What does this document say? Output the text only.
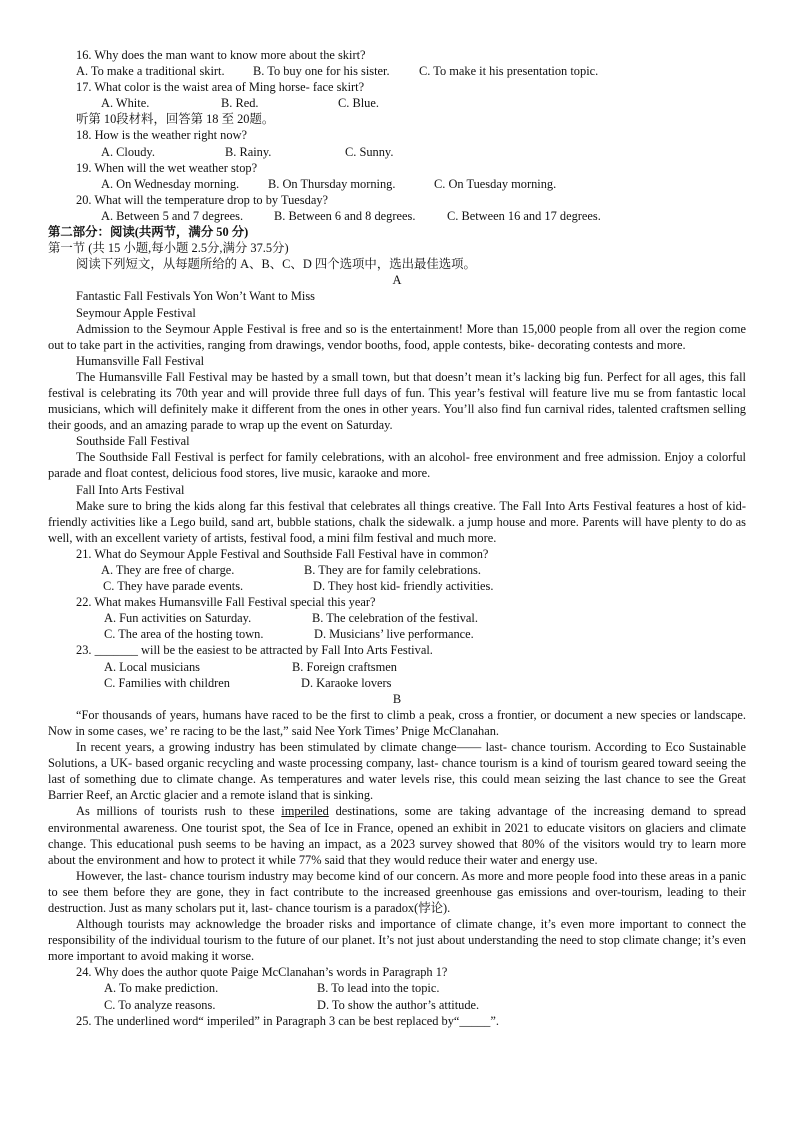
16. Why does the man want to know more about the skirt?
A. To make a traditional skirt.	B. To buy one for his sister.	C. To make it his presentation topic.
17. What color is the waist area of Ming horse- face skirt?
A. White.	B. Red.	C. Blue.
听第 10段材料，回答第 18 至 20题。
18. How is the weather right now?
A. Cloudy.	B. Rainy.	C. Sunny.
19. When will the wet weather stop?
A. On Wednesday morning.	B. On Thursday morning.	C. On Tuesday morning.
20. What will the temperature drop to by Tuesday?
A. Between 5 and 7 degrees.	B. Between 6 and 8 degrees.	C. Between 16 and 17 degrees.
第二部分：阅读(共两节，满分 50 分)
第一节 (共 15 小题,每小题 2.5分,满分 37.5分)
阅读下列短文，从每题所给的 A、B、C、D 四个选项中，选出最佳选项。
A
Fantastic Fall Festivals Yon Won’t Want to Miss
Seymour Apple Festival
Admission to the Seymour Apple Festival is free and so is the entertainment! More than 15,000 people from all over the region come out to take part in the activities, ranging from drawings, vendor booths, food, apple contests, bike- decorating contests and more.
Humansville Fall Festival
The Humansville Fall Festival may be hasted by a small town, but that doesn’t mean it’s lacking big fun. Perfect for all ages, this fall festival is celebrating its 70th year and will provide three full days of fun. This year’s festival will feature live mu se from fantastic local musicians, which will definitely make it different from the ones in other years. You’ll also find fun carnival rides, talented craftsmen selling their goods, and an amazing parade to wrap up the event on Saturday.
Southside Fall Festival
The Southside Fall Festival is perfect for family celebrations, with an alcohol- free environment and free admission. Enjoy a colorful parade and float contest, delicious food stores, live music, karaoke and more.
Fall Into Arts Festival
Make sure to bring the kids along far this festival that celebrates all things creative. The Fall Into Arts Festival features a host of kid- friendly activities like a Lego build, sand art, bubble stations, chalk the sidewalk. a jump house and more. Parents will have plenty to do as well, with an excellent variety of artists, festival food, a mini film festival and much more.
21. What do Seymour Apple Festival and Southside Fall Festival have in common?
A. They are free of charge.	B. They are for family celebrations.
C. They have parade events.	D. They host kid- friendly activities.
22. What makes Humansville Fall Festival special this year?
A. Fun activities on Saturday.	B. The celebration of the festival.
C. The area of the hosting town.	D. Musicians’ live performance.
23. _______ will be the easiest to be attracted by Fall Into Arts Festival.
A. Local musicians	B. Foreign craftsmen
C. Families with children	D. Karaoke lovers
B
“For thousands of years, humans have raced to be the first to climb a peak, cross a frontier, or document a new species or landscape. Now in some cases, we’ re racing to be the last,” said Nee York Times’ Pnige McClanahan.
In recent years, a growing industry has been stimulated by climate change—— last- chance tourism. According to Eco Sustainable Solutions, a UK- based organic recycling and waste processing company, last- chance tourism is a kind of tourism geared toward seeing the last of something due to climate change. As temperatures and water levels rise, this could mean seizing the last chance to see the Great Barrier Reef, an Arctic glacier and a remote island that is sinking.
As millions of tourists rush to these imperiled destinations, some are taking advantage of the increasing demand to spread environmental awareness. One tourist spot, the Sea of Ice in France, opened an exhibit in 2021 to educate visitors on glaciers and climate change. This educational push seems to be having an impact, as a 2023 survey showed that 80% of the visitors would try to learn more about the environment and how to protect it while 77% said that they would reduce their water and energy use.
However, the last- chance tourism industry may become kind of our concern. As more and more people food into these areas in a panic to see them before they are gone, they in fact contribute to the increased greenhouse gas emissions and over-tourism, leading to their destruction. Just as many scholars put it, last- chance tourism is a paradox(悖论).
Although tourists may acknowledge the broader risks and importance of climate change, it’s even more important to connect the responsibility of the individual tourism to the future of our planet. It’s not just about understanding the need to stop climate change; it’s even more important to avoid making it worse.
24. Why does the author quote Paige McClanahan’s words in Paragraph 1?
A. To make prediction.	B. To lead into the topic.
C. To analyze reasons.	D. To show the author’s attitude.
25. The underlined word“ imperiled” in Paragraph 3 can be best replaced by“_____”.
